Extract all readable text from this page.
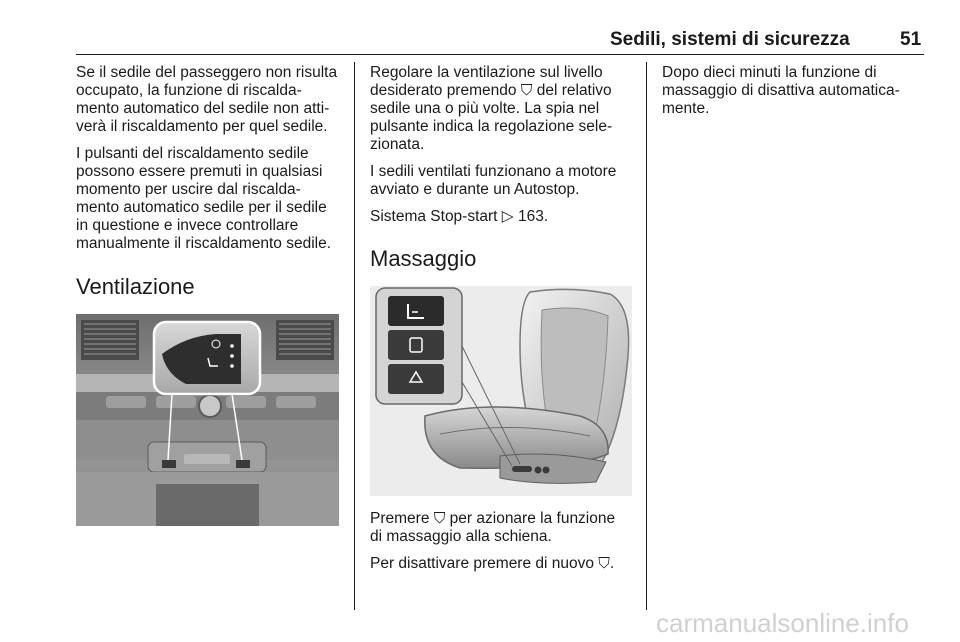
Sedili, sistemi di sicurezza	51

Se il sedile del passeggero non risulta
occupato, la funzione di riscalda-
mento automatico del sedile non atti-
verà il riscaldamento per quel sedile.

I pulsanti del riscaldamento sedile
possono essere premuti in qualsiasi
momento per uscire dal riscalda-
mento automatico sedile per il sedile
in questione e invece controllare
manualmente il riscaldamento sedile.

Ventilazione

Regolare la ventilazione sul livello
desiderato premendo ⛉ del relativo
sedile una o più volte. La spia nel
pulsante indica la regolazione sele-
zionata.

I sedili ventilati funzionano a motore
avviato e durante un Autostop.

Sistema Stop-start ▷ 163.

Massaggio

Premere ⛉ per azionare la funzione
di massaggio alla schiena.

Per disattivare premere di nuovo ⛉.

Dopo dieci minuti la funzione di
massaggio di disattiva automatica-
mente.

carmanualsonline.info
